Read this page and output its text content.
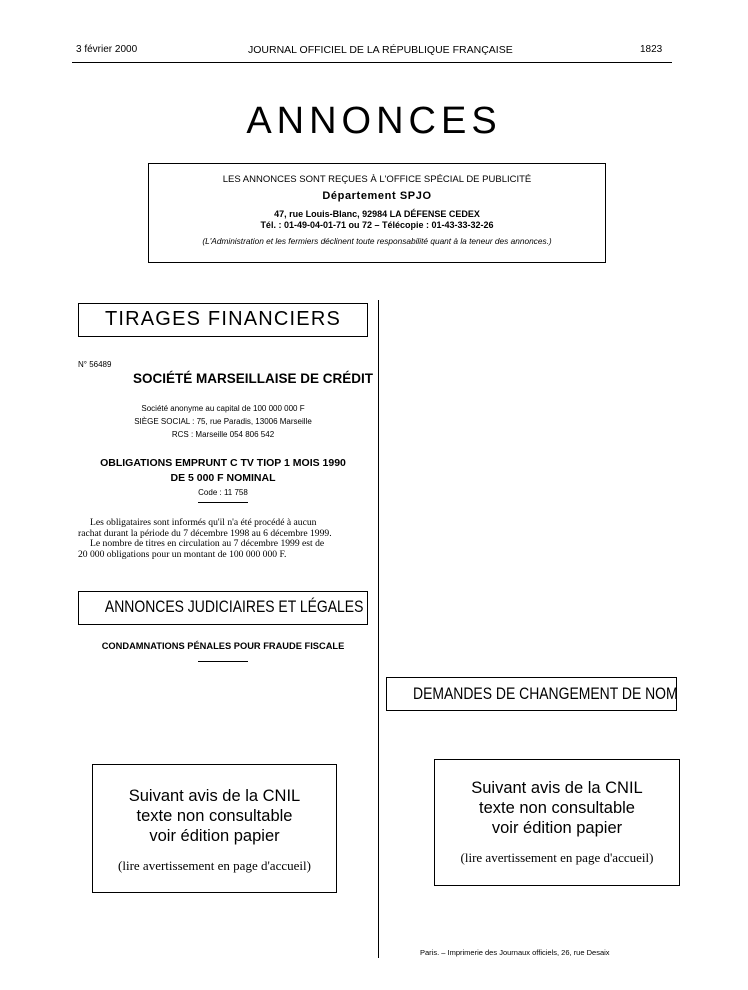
3 février 2000	JOURNAL OFFICIEL DE LA RÉPUBLIQUE FRANÇAISE	1823
ANNONCES
LES ANNONCES SONT REÇUES À L'OFFICE SPÉCIAL DE PUBLICITÉ
Département SPJO
47, rue Louis-Blanc, 92984 LA DÉFENSE CEDEX
Tél. : 01-49-04-01-71 ou 72 – Télécopie : 01-43-33-32-26
(L'Administration et les fermiers déclinent toute responsabilité quant à la teneur des annonces.)
TIRAGES FINANCIERS
N° 56489
SOCIÉTÉ MARSEILLAISE DE CRÉDIT
Société anonyme au capital de 100 000 000 F
SIÈGE SOCIAL : 75, rue Paradis, 13006 Marseille
RCS : Marseille 054 806 542
OBLIGATIONS EMPRUNT C TV TIOP 1 MOIS 1990
DE 5 000 F NOMINAL
Code : 11 758
Les obligataires sont informés qu'il n'a été procédé à aucun
rachat durant la période du 7 décembre 1998 au 6 décembre 1999.
Le nombre de titres en circulation au 7 décembre 1999 est de
20 000 obligations pour un montant de 100 000 000 F.
ANNONCES JUDICIAIRES ET LÉGALES
CONDAMNATIONS PÉNALES POUR FRAUDE FISCALE
DEMANDES DE CHANGEMENT DE NOM
Suivant avis de la CNIL
texte non consultable
voir édition papier
(lire avertissement en page d'accueil)
Suivant avis de la CNIL
texte non consultable
voir édition papier
(lire avertissement en page d'accueil)
Paris. – Imprimerie des Journaux officiels, 26, rue Desaix
